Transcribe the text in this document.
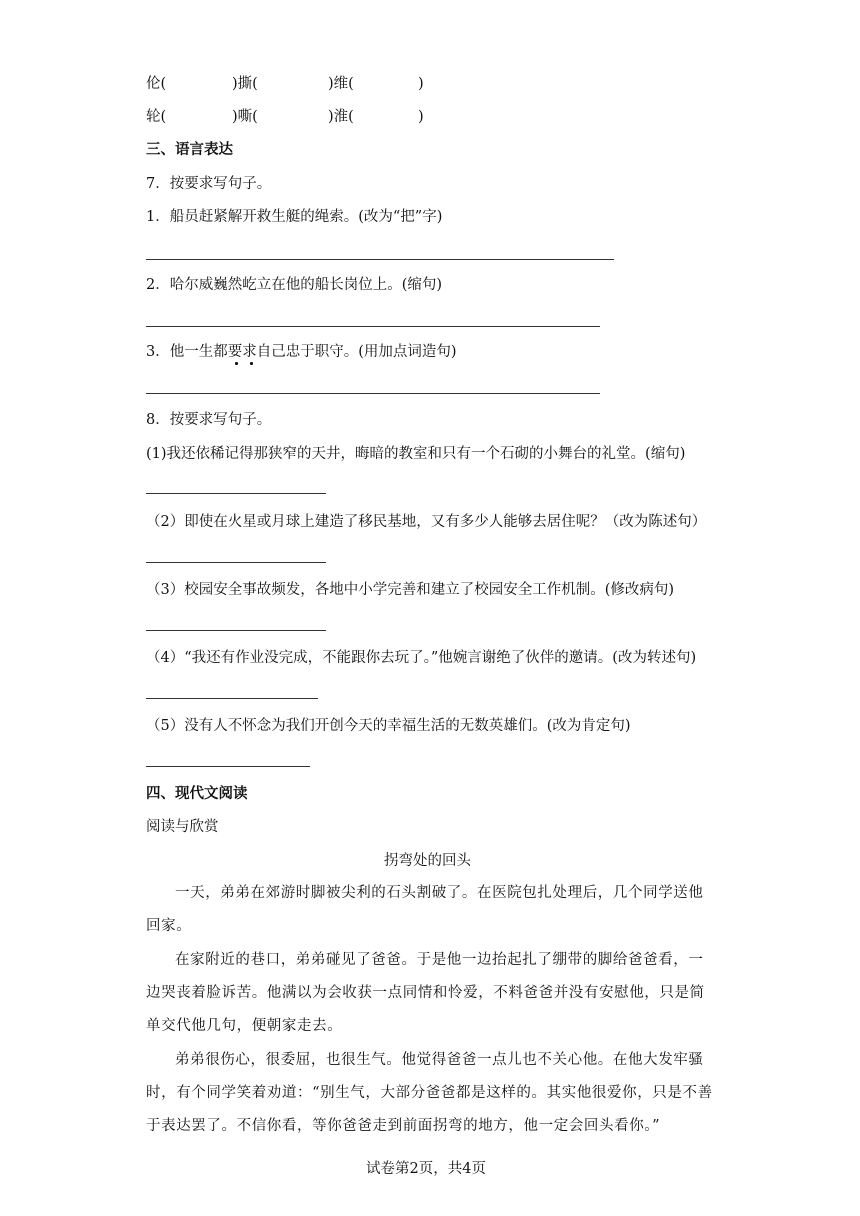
伦(	)撕(	)维(	)
轮(	)嘶(	)淮(	)
三、语言表达
7．按要求写句子。
1．船员赶紧解开救生艇的绳索。(改为“把”字)
2．哈尔威巍然屹立在他的船长岗位上。(缩句)
3．他一生都要求自己忠于职守。(用加点词造句)
8．按要求写句子。
(1)我还依稀记得那狭窄的天井，晦暗的教室和只有一个石砌的小舞台的礼堂。(缩句)
（2）即使在火星或月球上建造了移民基地，又有多少人能够去居住呢？（改为陈述句）
（3）校园安全事故频发，各地中小学完善和建立了校园安全工作机制。(修改病句)
（4）“我还有作业没完成，不能跟你去玩了。”他婉言谢绝了伙伴的邀请。(改为转述句)
（5）没有人不怀念为我们开创今天的幸福生活的无数英雄们。(改为肯定句)
四、现代文阅读
阅读与欣赏
拐弯处的回头
一天，弟弟在郊游时脚被尖利的石头割破了。在医院包扎处理后，几个同学送他回家。
在家附近的巷口，弟弟碰见了爸爸。于是他一边抬起扎了绷带的脚给爸爸看，一边哭丧着脸诉苦。他满以为会收获一点同情和怜爱，不料爸爸并没有安慰他，只是简单交代他几句，便朝家走去。
弟弟很伤心，很委屈，也很生气。他觉得爸爸一点儿也不关心他。在他大发牢骚时，有个同学笑着劝道：“别生气，大部分爸爸都是这样的。其实他很爱你，只是不善于表达罢了。不信你看，等你爸爸走到前面拐弯的地方，他一定会回头看你。”
试卷第2页，共4页
